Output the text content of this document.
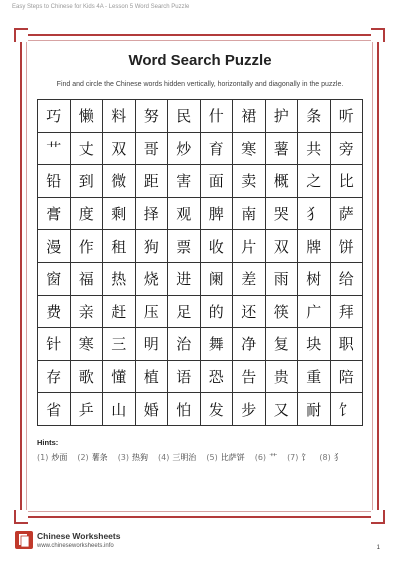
Easy Steps to Chinese for Kids 4A - Lesson 5 Word Search Puzzle
Word Search Puzzle
Find and circle the Chinese words hidden vertically, horizontally and diagonally in the puzzle.
巧	懒	料	努	民	什	裙	护	条	听
艹	丈	双	哥	炒	育	寒	薯	共	旁
铅	到	微	距	害	面	卖	概	之	比
膏	度	剩	择	观	脾	南	哭	犭	萨
漫	作	租	狗	票	收	片	双	牌	饼
窗	福	热	烧	进	阑	差	雨	树	给
费	亲	赶	压	足	的	还	筷	广	拜
针	寒	三	明	治	舞	净	复	块	职
存	歌	懂	植	语	恐	告	贵	重	陪
省	乒	山	婚	怕	发	步	又	耐	饣
Hints:
(1) 炒面 (2) 薯条 (3) 热狗 (4) 三明治 (5) 比萨饼 (6) 艹 (7) 饣 (8) 犭
Chinese Worksheets
www.chineseworksheets.info	1
